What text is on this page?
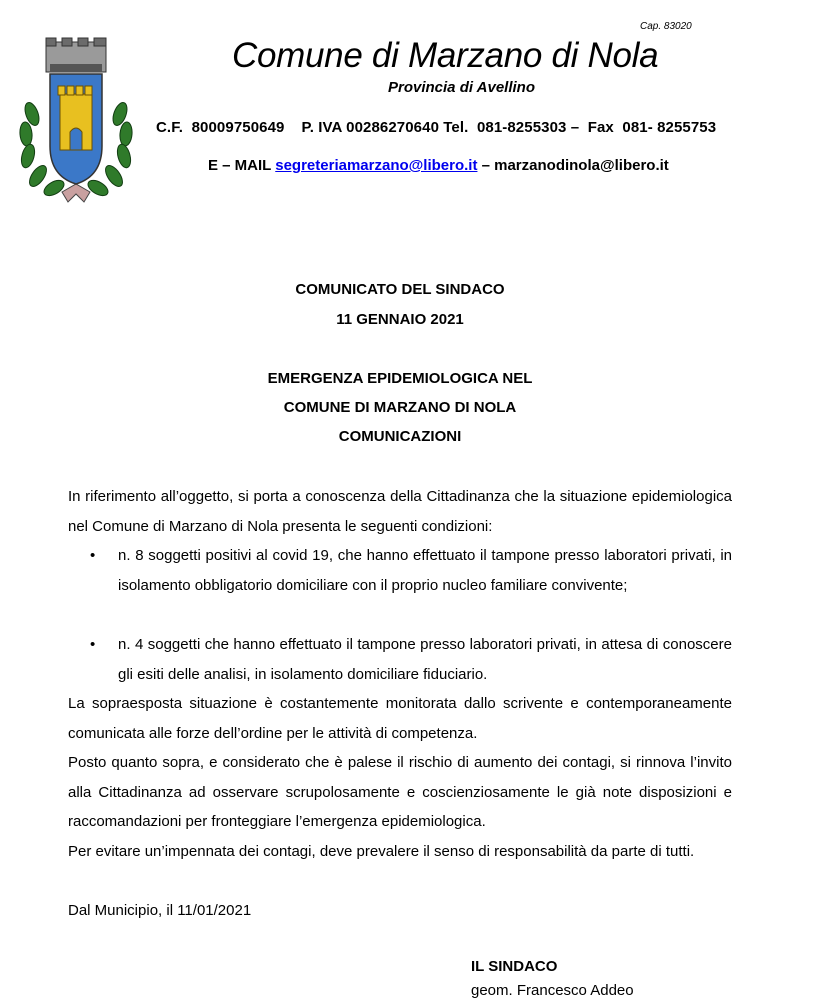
Cap. 83020
Comune di Marzano di Nola
Provincia di Avellino
C.F.  80009750649    P. IVA 00286270640 Tel.  081-8255303 –  Fax  081- 8255753
E – MAIL segreteriamarzano@libero.it – marzanodinola@libero.it
COMUNICATO DEL SINDACO
11 GENNAIO 2021
EMERGENZA EPIDEMIOLOGICA NEL
COMUNE DI MARZANO DI NOLA
COMUNICAZIONI
In riferimento all’oggetto, si porta a conoscenza della Cittadinanza che la situazione epidemiologica nel Comune di Marzano di Nola presenta le seguenti condizioni:
• n. 8 soggetti positivi al covid 19, che hanno effettuato il tampone presso laboratori privati, in isolamento obbligatorio domiciliare con il proprio nucleo familiare convivente;
• n. 4 soggetti che hanno effettuato il tampone presso laboratori privati, in attesa di conoscere gli esiti delle analisi, in isolamento domiciliare fiduciario.
La sopraesposta situazione è costantemente monitorata dallo scrivente e contemporaneamente comunicata alle forze dell’ordine per le attività di competenza.
Posto quanto sopra, e considerato che è palese il rischio di aumento dei contagi, si rinnova l’invito alla Cittadinanza ad osservare scrupolosamente e coscienziosamente le già note disposizioni e raccomandazioni per fronteggiare l’emergenza epidemiologica.
Per evitare un’impennata dei contagi, deve prevalere il senso di responsabilità da parte di tutti.
Dal Municipio, il 11/01/2021
IL SINDACO
geom. Francesco Addeo
